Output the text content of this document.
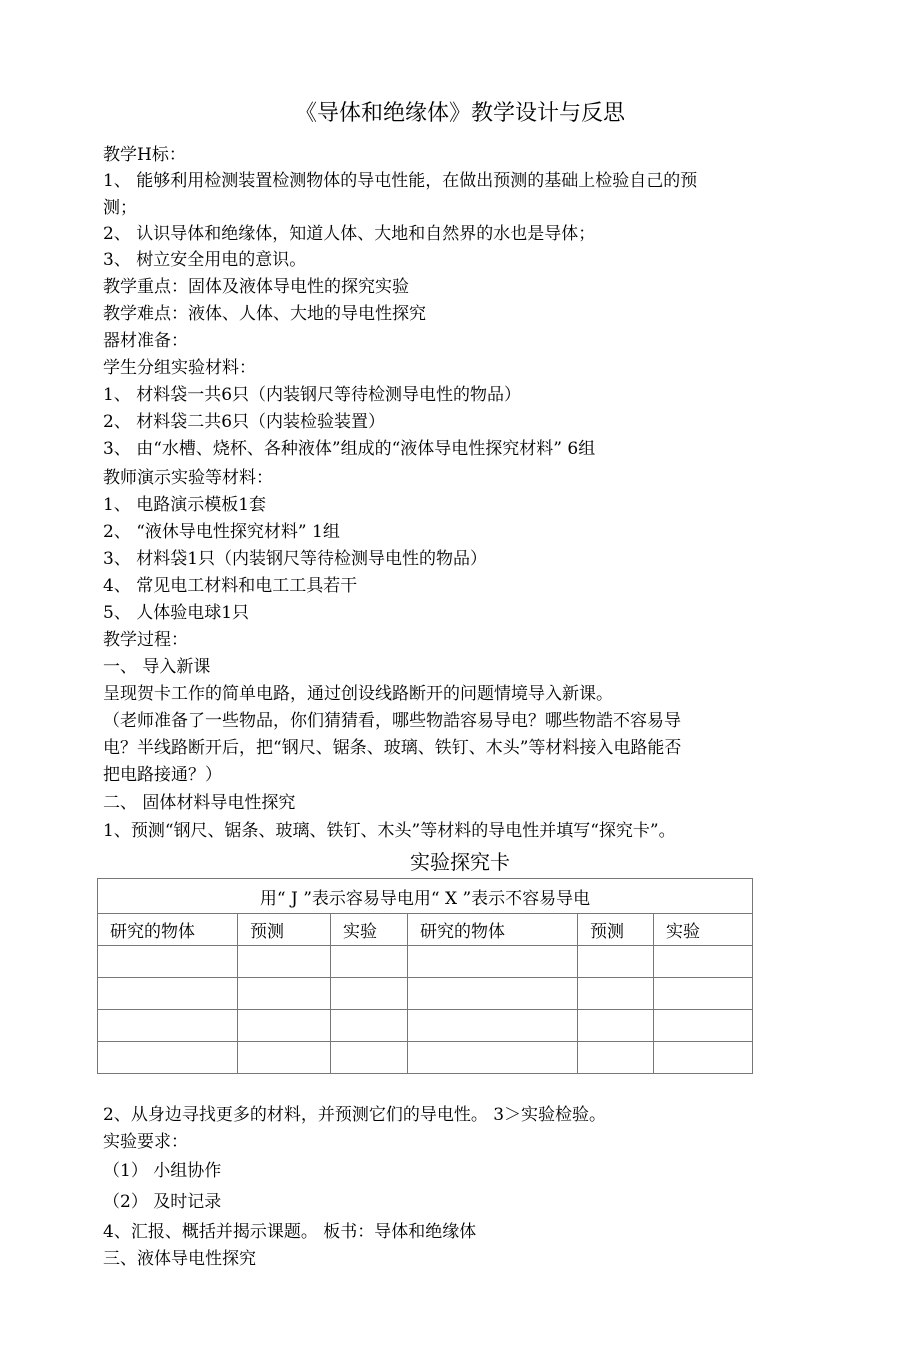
《导体和绝缘体》教学设计与反思
教学H标：
1、 能够利用检测装置检测物体的导屯性能，在做出预测的基础上检验自己的预
测；
2、 认识导体和绝缘体，知道人体、大地和自然界的水也是导体；
3、 树立安全用电的意识。
教学重点：固体及液体导电性的探究实验
教学难点：液体、人体、大地的导电性探究
器材准备：
学生分组实验材料：
1、 材料袋一共6只（内装钢尺等待检测导电性的物品）
2、 材料袋二共6只（内装检验装置）
3、 由“水槽、烧杯、各种液体”组成的“液体导电性探究材料” 6组
教师演示实验等材料：
1、 电路演示模板1套
2、 “液休导电性探究材料” 1组
3、 材料袋1只（内装钢尺等待检测导电性的物品）
4、 常见电工材料和电工工具若干
5、 人体验电球1只
教学过程：
一、 导入新课
呈现贺卡工作的简单电路，通过创设线路断开的问题情境导入新课。
（老师准备了一些物品，你们猜猜看，哪些物誥容易导电？哪些物誥不容易导
电？半线路断开后，把“钢尺、锯条、玻璃、铁钉、木头”等材料接入电路能否
把电路接通？）
二、 固体材料导电性探究
1、预测“钢尺、锯条、玻璃、铁钉、木头”等材料的导电性并填写“探究卡”。
实验探究卡
用“ J ”表示容易导电用“ X ”表示不容易导电					
研究的物体	预测	实验	研究的物体	预测	实验

2、从身边寻找更多的材料，并预测它们的导电性。 3＞实验检验。
实验要求：
（1） 小组协作
（2） 及时记录
4、汇报、概括并揭示课题。 板书：导体和绝缘体
三、液体导电性探究
